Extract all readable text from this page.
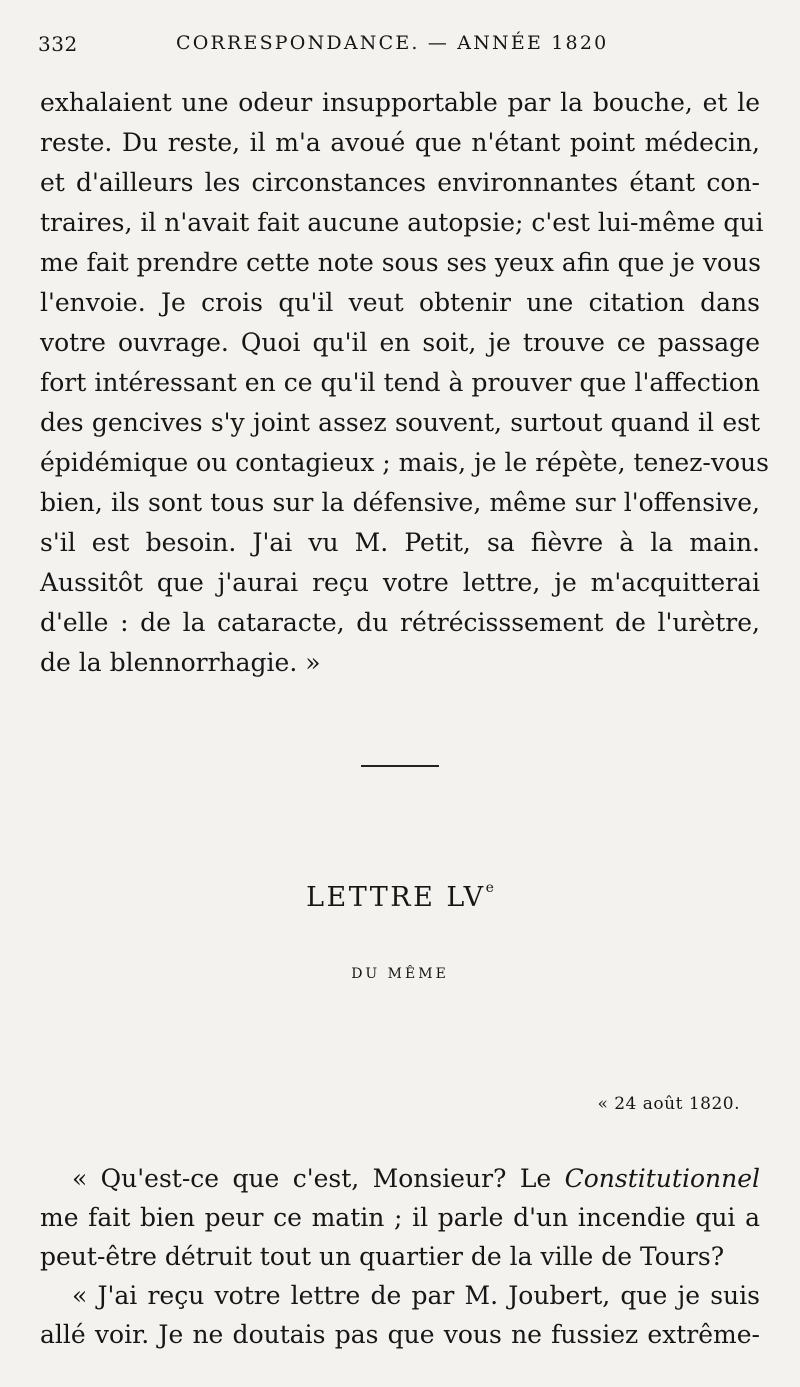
332	CORRESPONDANCE. — ANNÉE 1820
exhalaient une odeur insupportable par la bouche, et le
reste. Du reste, il m'a avoué que n'étant point médecin,
et d'ailleurs les circonstances environnantes étant con-
traires, il n'avait fait aucune autopsie; c'est lui-même qui
me fait prendre cette note sous ses yeux afin que je vous
l'envoie. Je crois qu'il veut obtenir une citation dans
votre ouvrage. Quoi qu'il en soit, je trouve ce passage
fort intéressant en ce qu'il tend à prouver que l'affection
des gencives s'y joint assez souvent, surtout quand il est
épidémique ou contagieux ; mais, je le répète, tenez-vous
bien, ils sont tous sur la défensive, même sur l'offensive,
s'il est besoin. J'ai vu M. Petit, sa fièvre à la main.
Aussitôt que j'aurai reçu votre lettre, je m'acquitterai
d'elle : de la cataracte, du rétrécisssement de l'urètre,
de la blennorrhagie. »
LETTRE LVe
DU MÊME
« 24 août 1820.
« Qu'est-ce que c'est, Monsieur? Le Constitutionnel
me fait bien peur ce matin ; il parle d'un incendie qui a
peut-être détruit tout un quartier de la ville de Tours?
« J'ai reçu votre lettre de par M. Joubert, que je suis
allé voir. Je ne doutais pas que vous ne fussiez extrême-
